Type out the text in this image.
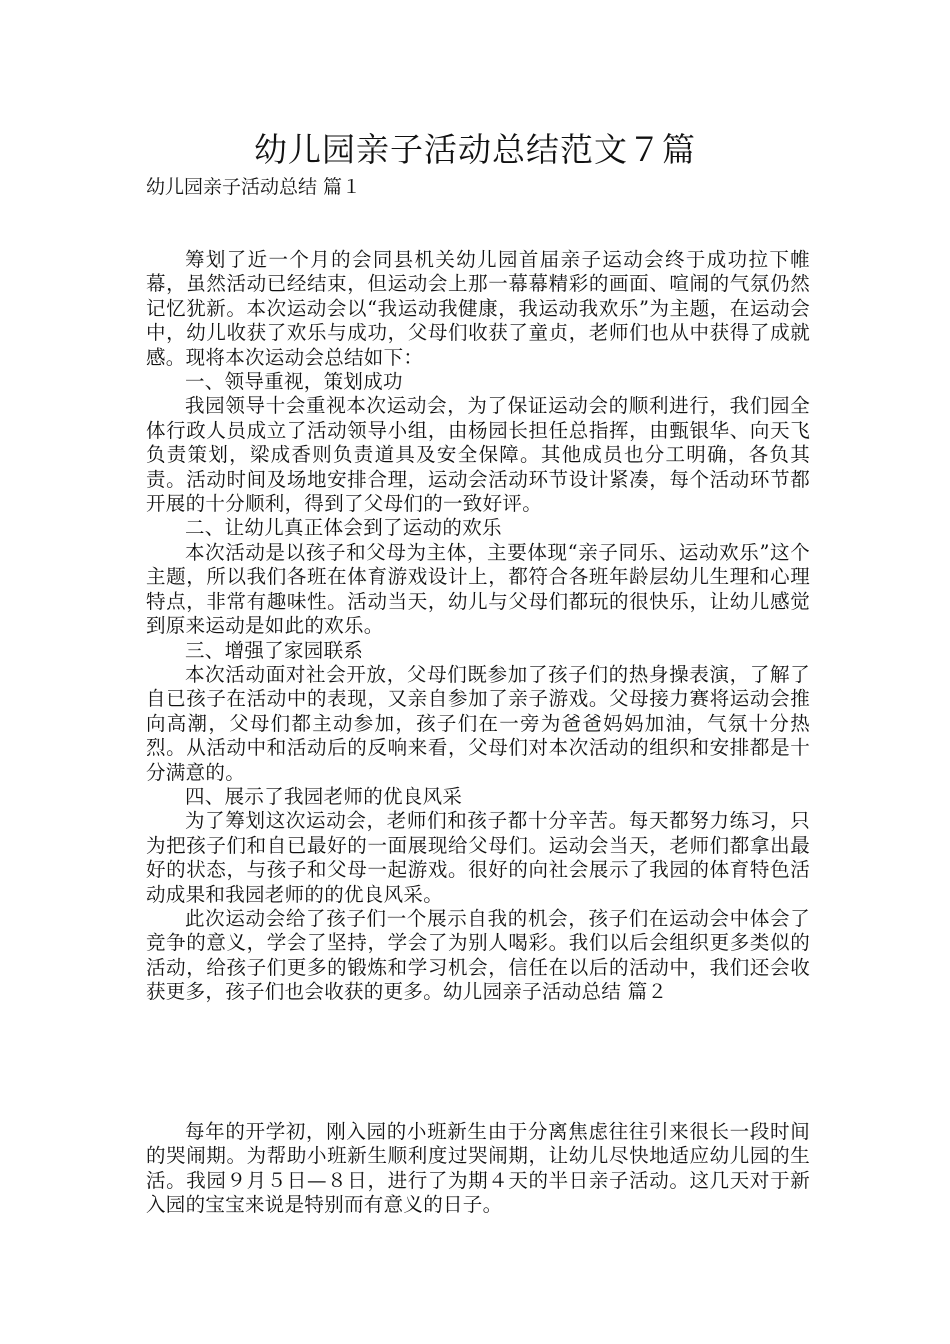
幼儿园亲子活动总结范文７篇
幼儿园亲子活动总结 篇１

筹划了近一个月的会同县机关幼儿园首届亲子运动会终于成功拉下帷幕，虽然活动已经结束，但运动会上那一幕幕精彩的画面、喧闹的气氛仍然记忆犹新。本次运动会以“我运动我健康，我运动我欢乐”为主题，在运动会中，幼儿收获了欢乐与成功，父母们收获了童贞，老师们也从中获得了成就感。现将本次运动会总结如下：

一、领导重视，策划成功

我园领导十会重视本次运动会，为了保证运动会的顺利进行，我们园全体行政人员成立了活动领导小组，由杨园长担任总指挥，由甄银华、向天飞负责策划，梁成香则负责道具及安全保障。其他成员也分工明确，各负其责。活动时间及场地安排合理，运动会活动环节设计紧凑，每个活动环节都开展的十分顺利，得到了父母们的一致好评。

二、让幼儿真正体会到了运动的欢乐

本次活动是以孩子和父母为主体，主要体现“亲子同乐、运动欢乐”这个主题，所以我们各班在体育游戏设计上，都符合各班年龄层幼儿生理和心理特点，非常有趣味性。活动当天，幼儿与父母们都玩的很快乐，让幼儿感觉到原来运动是如此的欢乐。

三、增强了家园联系

本次活动面对社会开放，父母们既参加了孩子们的热身操表演，了解了自已孩子在活动中的表现，又亲自参加了亲子游戏。父母接力赛将运动会推向高潮，父母们都主动参加，孩子们在一旁为爸爸妈妈加油，气氛十分热烈。从活动中和活动后的反响来看，父母们对本次活动的组织和安排都是十分满意的。

四、展示了我园老师的优良风采

为了筹划这次运动会，老师们和孩子都十分辛苦。每天都努力练习，只为把孩子们和自已最好的一面展现给父母们。运动会当天，老师们都拿出最好的状态，与孩子和父母一起游戏。很好的向社会展示了我园的体育特色活动成果和我园老师的的优良风采。

此次运动会给了孩子们一个展示自我的机会，孩子们在运动会中体会了竞争的意义，学会了坚持，学会了为别人喝彩。我们以后会组织更多类似的活动，给孩子们更多的锻炼和学习机会，信任在以后的活动中，我们还会收获更多，孩子们也会收获的更多。幼儿园亲子活动总结 篇２

每年的开学初，刚入园的小班新生由于分离焦虑往往引来很长一段时间的哭闹期。为帮助小班新生顺利度过哭闹期，让幼儿尽快地适应幼儿园的生活。我园９月５日—８日，进行了为期４天的半日亲子活动。这几天对于新入园的宝宝来说是特别而有意义的日子。
